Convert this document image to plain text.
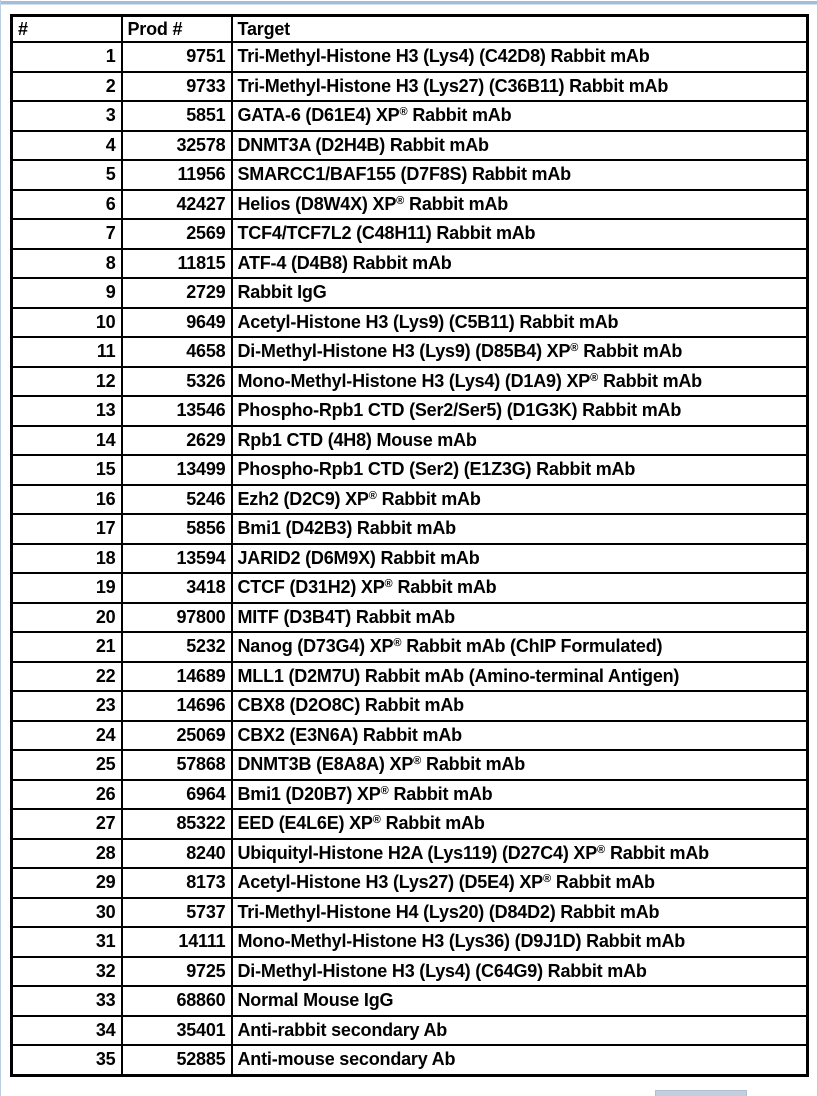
#	Prod #	Target
1	9751	Tri-Methyl-Histone H3 (Lys4) (C42D8) Rabbit mAb
2	9733	Tri-Methyl-Histone H3 (Lys27) (C36B11) Rabbit mAb
3	5851	GATA-6 (D61E4) XP® Rabbit mAb
4	32578	DNMT3A (D2H4B) Rabbit mAb
5	11956	SMARCC1/BAF155 (D7F8S) Rabbit mAb
6	42427	Helios (D8W4X) XP® Rabbit mAb
7	2569	TCF4/TCF7L2 (C48H11) Rabbit mAb
8	11815	ATF-4 (D4B8) Rabbit mAb
9	2729	Rabbit IgG
10	9649	Acetyl-Histone H3 (Lys9) (C5B11) Rabbit mAb
11	4658	Di-Methyl-Histone H3 (Lys9) (D85B4) XP® Rabbit mAb
12	5326	Mono-Methyl-Histone H3 (Lys4) (D1A9) XP® Rabbit mAb
13	13546	Phospho-Rpb1 CTD (Ser2/Ser5) (D1G3K) Rabbit mAb
14	2629	Rpb1 CTD (4H8) Mouse mAb
15	13499	Phospho-Rpb1 CTD (Ser2) (E1Z3G) Rabbit mAb
16	5246	Ezh2 (D2C9) XP® Rabbit mAb
17	5856	Bmi1 (D42B3) Rabbit mAb
18	13594	JARID2 (D6M9X) Rabbit mAb
19	3418	CTCF (D31H2) XP® Rabbit mAb
20	97800	MITF (D3B4T) Rabbit mAb
21	5232	Nanog (D73G4) XP® Rabbit mAb (ChIP Formulated)
22	14689	MLL1 (D2M7U) Rabbit mAb (Amino-terminal Antigen)
23	14696	CBX8 (D2O8C) Rabbit mAb
24	25069	CBX2 (E3N6A) Rabbit mAb
25	57868	DNMT3B (E8A8A) XP® Rabbit mAb
26	6964	Bmi1 (D20B7) XP® Rabbit mAb
27	85322	EED (E4L6E) XP® Rabbit mAb
28	8240	Ubiquityl-Histone H2A (Lys119) (D27C4) XP® Rabbit mAb
29	8173	Acetyl-Histone H3 (Lys27) (D5E4) XP® Rabbit mAb
30	5737	Tri-Methyl-Histone H4 (Lys20) (D84D2) Rabbit mAb
31	14111	Mono-Methyl-Histone H3 (Lys36) (D9J1D) Rabbit mAb
32	9725	Di-Methyl-Histone H3 (Lys4) (C64G9) Rabbit mAb
33	68860	Normal Mouse IgG
34	35401	Anti-rabbit secondary Ab
35	52885	Anti-mouse secondary Ab
